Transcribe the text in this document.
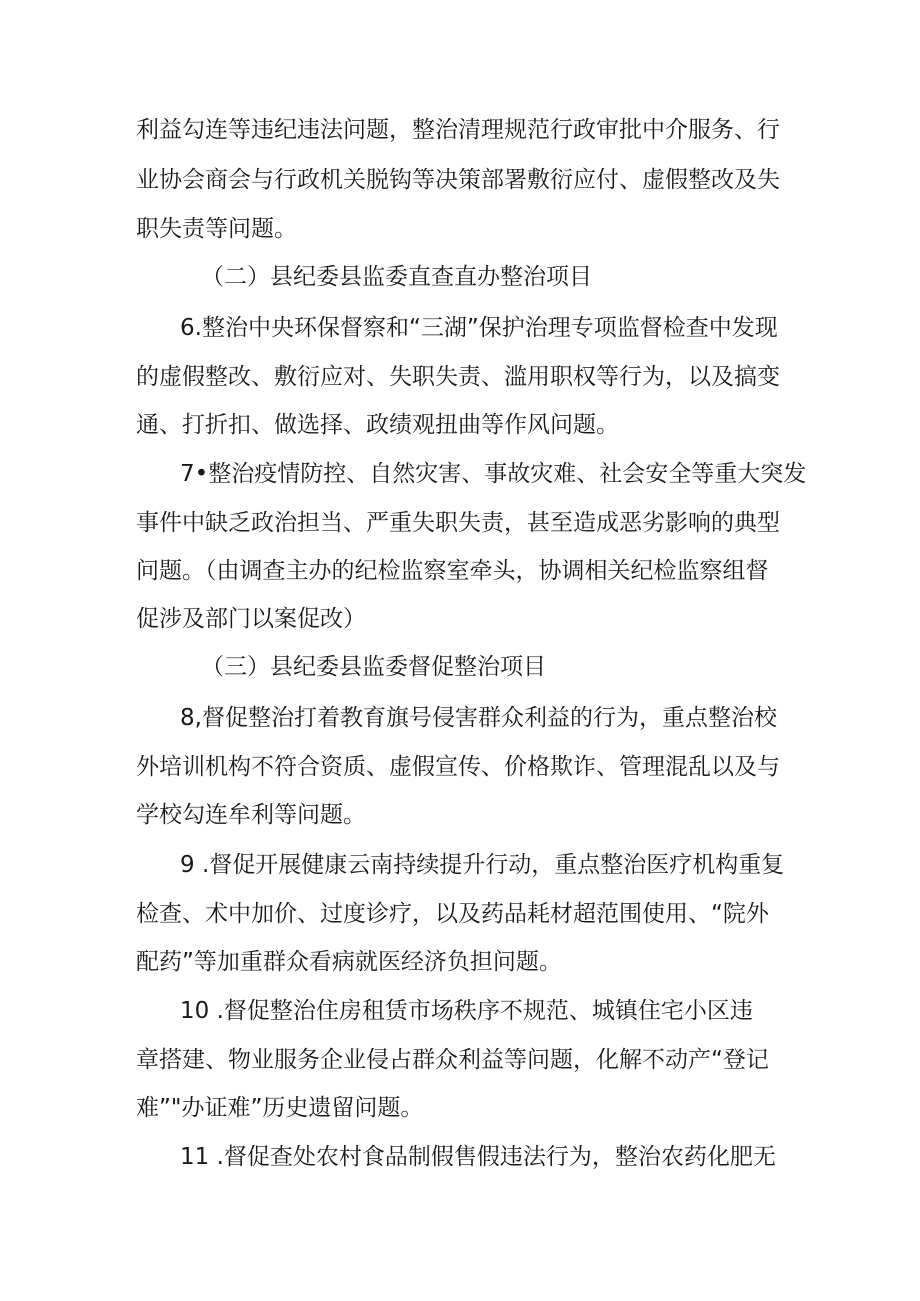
利益勾连等违纪违法问题，整治清理规范行政审批中介服务、行
业协会商会与行政机关脱钩等决策部署敷衍应付、虚假整改及失
职失责等问题。
（二）县纪委县监委直查直办整治项目
6.整治中央环保督察和“三湖”保护治理专项监督检查中发现
的虚假整改、敷衍应对、失职失责、滥用职权等行为，以及搞变
通、打折扣、做选择、政绩观扭曲等作风问题。
7•整治疫情防控、自然灾害、事故灾难、社会安全等重大突发
事件中缺乏政治担当、严重失职失责，甚至造成恶劣影响的典型
问题。（由调查主办的纪检监察室牵头，协调相关纪检监察组督
促涉及部门以案促改）
（三）县纪委县监委督促整治项目
8,督促整治打着教育旗号侵害群众利益的行为，重点整治校
外培训机构不符合资质、虚假宣传、价格欺诈、管理混乱以及与
学校勾连牟利等问题。
9 .督促开展健康云南持续提升行动，重点整治医疗机构重复
检查、术中加价、过度诊疗，以及药品耗材超范围使用、“院外
配药”等加重群众看病就医经济负担问题。
10 .督促整治住房租赁市场秩序不规范、城镇住宅小区违
章搭建、物业服务企业侵占群众利益等问题，化解不动产“登记
难”"办证难”历史遗留问题。
11 .督促查处农村食品制假售假违法行为，整治农药化肥无
